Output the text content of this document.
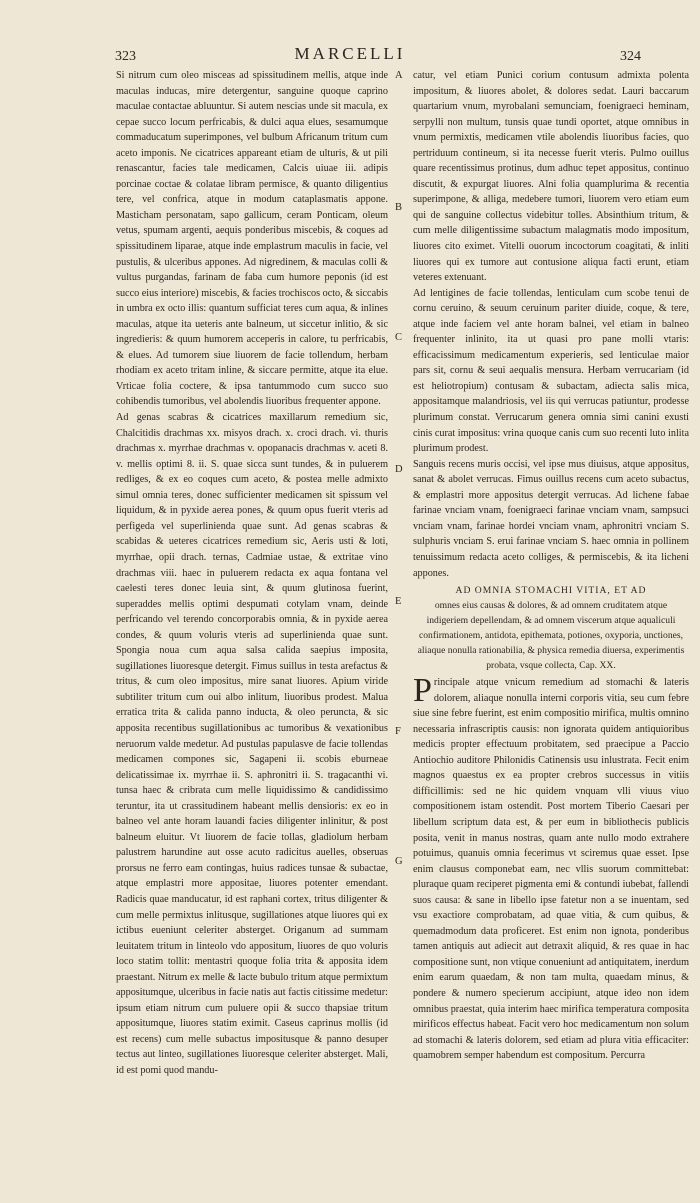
323	MARCELLI	324
A
B
C
D
E
F
G

Si nitrum cum oleo misceas ad spissitudinem mellis, atque inde maculas inducas, mire detergentur, sanguine quoque caprino maculae contactae abluuntur. Si autem nescias unde sit macula, ex cepae succo locum perfricabis, & dulci aqua elues, sesamumque commaducatum superimpones, vel bulbum Africanum tritum cum aceto imponis. Ne cicatrices appareant etiam de ulturis, & ut pili renascantur, facies tale medicamen, Calcis uiuae iii. adipis porcinae coctae & colatae libram permisce, & quanto diligentius tere, vel confrica, atque in modum cataplasmatis appone. Masticham personatam, sapo gallicum, ceram Ponticam, oleum vetus, spumam argenti, aequis ponderibus miscebis, & coques ad spissitudinem liparae, atque inde emplastrum maculis in facie, vel pustulis, & ulceribus appones. Ad nigredinem, & maculas colli & vultus purgandas, farinam de faba cum humore peponis (id est succo eius interiore) miscebis, & facies trochiscos octo, & siccabis in umbra ex octo illis: quantum sufficiat teres cum aqua, & inlines maculas, atque ita ueteris ante balneum, ut siccetur inlitio, & sic ingredieris: & quum humorem acceperis in calore, tu perfricabis, & elues. Ad tumorem siue liuorem de facie tollendum, herbam rhodiam ex aceto tritam inline, & siccare permitte, atque ita elue. Vrticae folia coctere, & ipsa tantummodo cum succo suo cohibendis tumoribus, vel abolendis liuoribus frequenter appone.

Ad genas scabras & cicatrices maxillarum remedium sic, Chalcitidis drachmas xx. misyos drach. x. croci drach. vi. thuris drachmas x. myrrhae drachmas v. opopanacis drachmas v. aceti 8. v. mellis optimi 8. ii. S. quae sicca sunt tundes, & in puluerem redliges, & ex eo coques cum aceto, & postea melle admixto simul omnia teres, donec sufficienter medicamen sit spissum vel liquidum, & in pyxide aerea pones, & quum opus fuerit vteris ad perfigeda vel superlinienda quae sunt. Ad genas scabras & scabidas & ueteres cicatrices remedium sic, Aeris usti & loti, myrrhae, opii drach. ternas, Cadmiae ustae, & extritae vino drachmas viii. haec in puluerem redacta ex aqua fontana vel caelesti teres donec leuia sint, & quum glutinosa fuerint, superaddes mellis optimi despumati cotylam vnam, deinde perfricando vel terendo concorporabis omnia, & in pyxide aerea condes, & quum voluris vteris ad superlinienda quae sunt. Spongia noua cum aqua salsa calida saepius imposita, sugillationes liuoresque detergit. Fimus suillus in testa arefactus & tritus, & cum oleo impositus, mire sanat liuores. Apium viride subtiliter tritum cum oui albo inlitum, liuoribus prodest. Malua erratica trita & calida panno inducta, & oleo perunctа, & sic apposita recentibus sugillationibus ac tumoribus & vexationibus neruorum valde medetur. Ad pustulas papulasve de facie tollendas medicamen compones sic, Sagapeni ii. scobis eburneae delicatissimae ix. myrrhae ii. S. aphronitri ii. S. tragacanthi vi. tunsa haec & cribrata cum melle liquidissimo & candidissimo teruntur, ita ut crassitudinem habeant mellis densioris: ex eo in balneo vel ante horam lauandi facies diligenter inlinitur, & post balneum eluitur. Vt liuorem de facie tollas, gladiolum herbam palustrem harundine aut osse acuto radicitus auelles, obseruas prorsus ne ferro eam contingas, huius radices tunsae & subactae, atque emplastri more appositae, liuores potenter emendant. Radicis quae manducatur, id est raphani cortex, tritus diligenter & cum melle permixtus inlitusque, sugillationes atque liuores qui ex ictibus eueniunt celeriter absterget. Origanum ad summam leuitatem tritum in linteolo vdo appositum, liuores de quo voluris loco statim tollit: mentastri quoque folia trita & apposita idem praestant. Nitrum ex melle & lacte bubulo tritum atque permixtum appositumque, ulceribus in facie natis aut factis citissime medetur: ipsum etiam nitrum cum puluere opii & succo thapsiae tritum appositumque, liuores statim eximit. Caseus caprinus mollis (id est recens) cum melle subactus impositusque & panno desuper tectus aut linteo, sugillationes liuoresque celeriter absterget. Mali, id est pomi quod mandu-

catur, vel etiam Punici corium contusum admixta polenta impositum, & liuores abolet, & dolores sedat. Lauri baccarum quartarium vnum, myrobalani semunciam, foenigraeci heminam, serpylli non multum, tunsis quae tundi oportet, atque omnibus in vnum permixtis, medicamen vtile abolendis liuoribus facies, quo pertriduum contineum, si ita necesse fuerit vteris. Pulmo ouillus quare recentissimus protinus, dum adhuc tepet appositus, continuo discutit, & expurgat liuores. Alni folia quamplurima & recentia superimpone, & alliga, medebere tumori, liuorem vero etiam eum qui de sanguine collectus videbitur tolles. Absinthium tritum, & cum melle diligentissime subactum malagmatis modo impositum, liuores cito eximet. Vitelli ouorum incoctorum coagitati, & inliti liuores qui ex tumore aut contusione aliqua facti erunt, etiam veteres extenuant.

Ad lentigines de facie tollendas, lenticulam cum scobe tenui de cornu ceruino, & seuum ceruinum pariter diuide, coque, & tere, atque inde faciem vel ante horam balnei, vel etiam in balneo frequenter inlinito, ita ut quasi pro pane molli vtaris: efficacissimum medicamentum experieris, sed lenticulae maior pars sit, cornu & seui aequalis mensura. Herbam verrucariam (id est heliotropium) contusam & subactam, adiecta salis mica, appositamque malandriosis, vel iis qui verrucas patiuntur, prodesse plurimum constat. Verrucarum genera omnia simi canini exusti cinis curat impositus: vrina quoque canis cum suo recenti luto inlita plurimum prodest.

Sanguis recens muris occisi, vel ipse mus diuisus, atque appositus, sanat & abolet verrucas. Fimus ouillus recens cum aceto subactus, & emplastri more appositus detergit verrucas. Ad lichene fabae farinae vnciam vnam, foenigraeci farinae vnciam vnam, sampsuci vnciam vnam, farinae hordei vnciam vnam, aphronitri vnciam S. sulphuris vnciam S. erui farinae vnciam S. haec omnia in pollinem tenuissimum redacta aceto colliges, & permiscebis, & ita licheni appones.

AD OMNIA STOMACHI VITIA, ET AD
omnes eius causas & dolores, & ad omnem cruditatem atque indigeriem depellendam, & ad omnem viscerum atque aqualiculi confirmationem, antidota, epithemata, potiones, oxyporia, unctiones, aliaque nonulla rationabilia, & physica remedia diuersa, experimentis probata, vsque collecta, Cap. XX.

Principale atque vnicum remedium ad stomachi & lateris dolorem, aliaque nonulla interni corporis vitia, seu cum febre siue sine febre fuerint, est enim compositio mirifica, multis omnino necessaria infrascriptis causis: non ignorata quidem antiquioribus medicis propter effectuum probitatem, sed praecipue a Paccio Antiochio auditore Philonidis Catinensis usu inlustrata. Fecit enim magnos quaestus ex ea propter crebros successus in vitiis difficillimis: sed ne hic quidem vnquam vlli viuus viuo compositionem istam ostendit. Post mortem Tiberio Caesari per libellum scriptum data est, & per eum in bibliothecis publicis posita, venit in manus nostras, quam ante nullo modo extrahere potuimus, quanuis omnia fecerimus vt sciremus quae esset. Ipse enim clausus componebat eam, nec vllis suorum committebat: pluraque quam reciperet pigmenta emi & contundi iubebat, fallendi suos causa: & sane in libello ipse fatetur non a se inuentam, sed vsu exactiore comprobatam, ad quae vitia, & cum quibus, & quemadmodum data proficeret. Est enim non ignota, ponderibus tamen antiquis aut adiecit aut detraxit aliquid, & res quae in hac compositione sunt, non vtique conueniunt ad antiquitatem, inerdum enim earum quaedam, & non tam multa, quaedam minus, & pondere & numero specierum accipiunt, atque ideo non idem omnibus praestat, quia interim haec mirifica temperatura composita mirificos effectus habeat. Facit vero hoc medicamentum non solum ad stomachi & lateris dolorem, sed etiam ad plura vitia efficaciter: quamobrem semper habendum est compositum. Percurra
